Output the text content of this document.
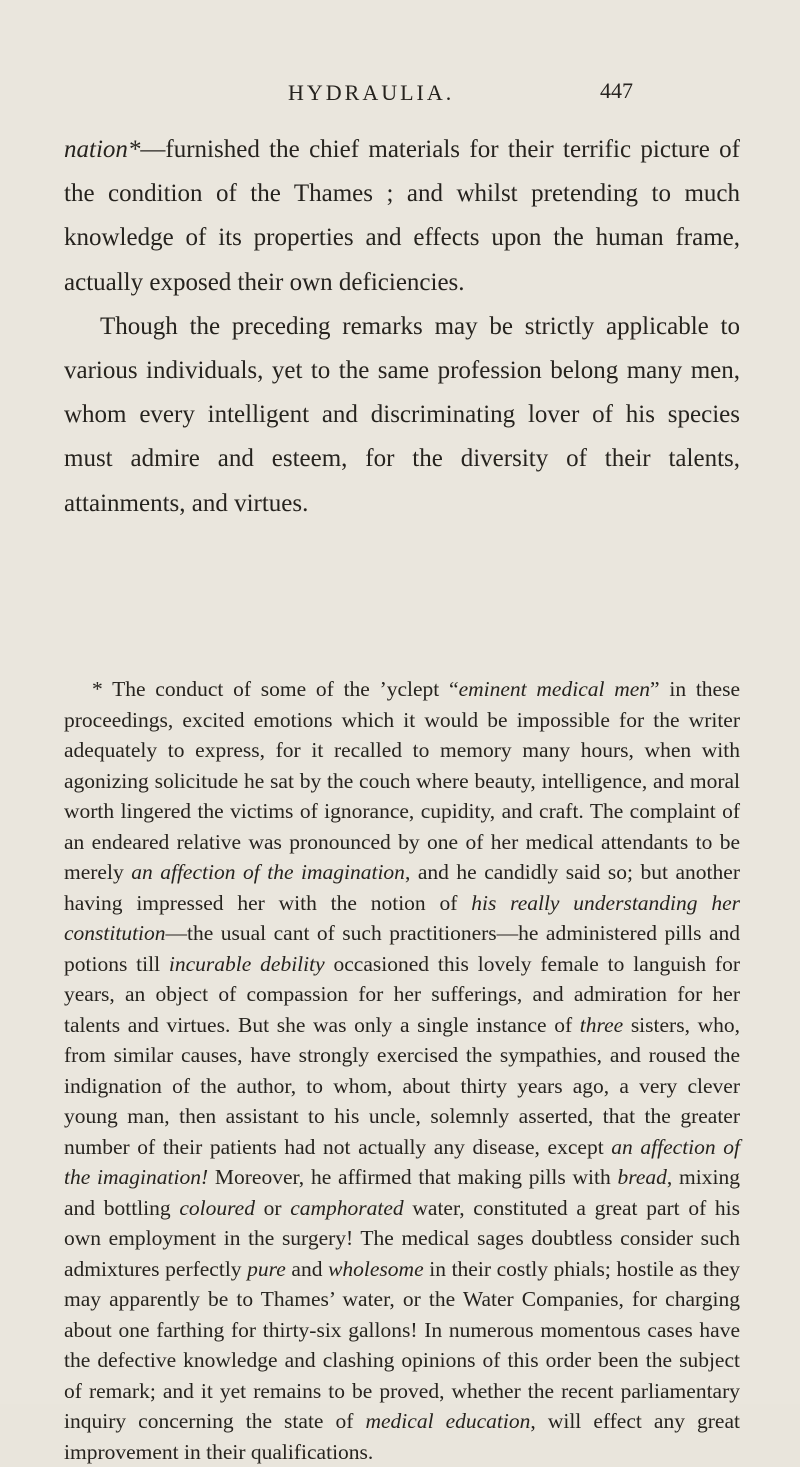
HYDRAULIA.	447

nation*—furnished the chief materials for their terrific picture of the condition of the Thames ; and whilst pretending to much knowledge of its properties and effects upon the human frame, actually exposed their own deficiencies.

Though the preceding remarks may be strictly applicable to various individuals, yet to the same profession belong many men, whom every intelligent and discriminating lover of his species must admire and esteem, for the diversity of their talents, attainments, and virtues.

* The conduct of some of the ’yclept “eminent medical men” in these proceedings, excited emotions which it would be impossible for the writer adequately to express, for it recalled to memory many hours, when with agonizing solicitude he sat by the couch where beauty, intelligence, and moral worth lingered the victims of ignorance, cupidity, and craft. The complaint of an endeared relative was pronounced by one of her medical attendants to be merely an affection of the imagination, and he candidly said so; but another having impressed her with the notion of his really understanding her constitution—the usual cant of such practitioners—he administered pills and potions till incurable debility occasioned this lovely female to languish for years, an object of compassion for her sufferings, and admiration for her talents and virtues. But she was only a single instance of three sisters, who, from similar causes, have strongly exercised the sympathies, and roused the indignation of the author, to whom, about thirty years ago, a very clever young man, then assistant to his uncle, solemnly asserted, that the greater number of their patients had not actually any disease, except an affection of the imagination! Moreover, he affirmed that making pills with bread, mixing and bottling coloured or camphorated water, constituted a great part of his own employment in the surgery! The medical sages doubtless consider such admixtures perfectly pure and wholesome in their costly phials; hostile as they may apparently be to Thames’ water, or the Water Companies, for charging about one farthing for thirty-six gallons! In numerous momentous cases have the defective knowledge and clashing opinions of this order been the subject of remark; and it yet remains to be proved, whether the recent parliamentary inquiry concerning the state of medical education, will effect any great improvement in their qualifications.
